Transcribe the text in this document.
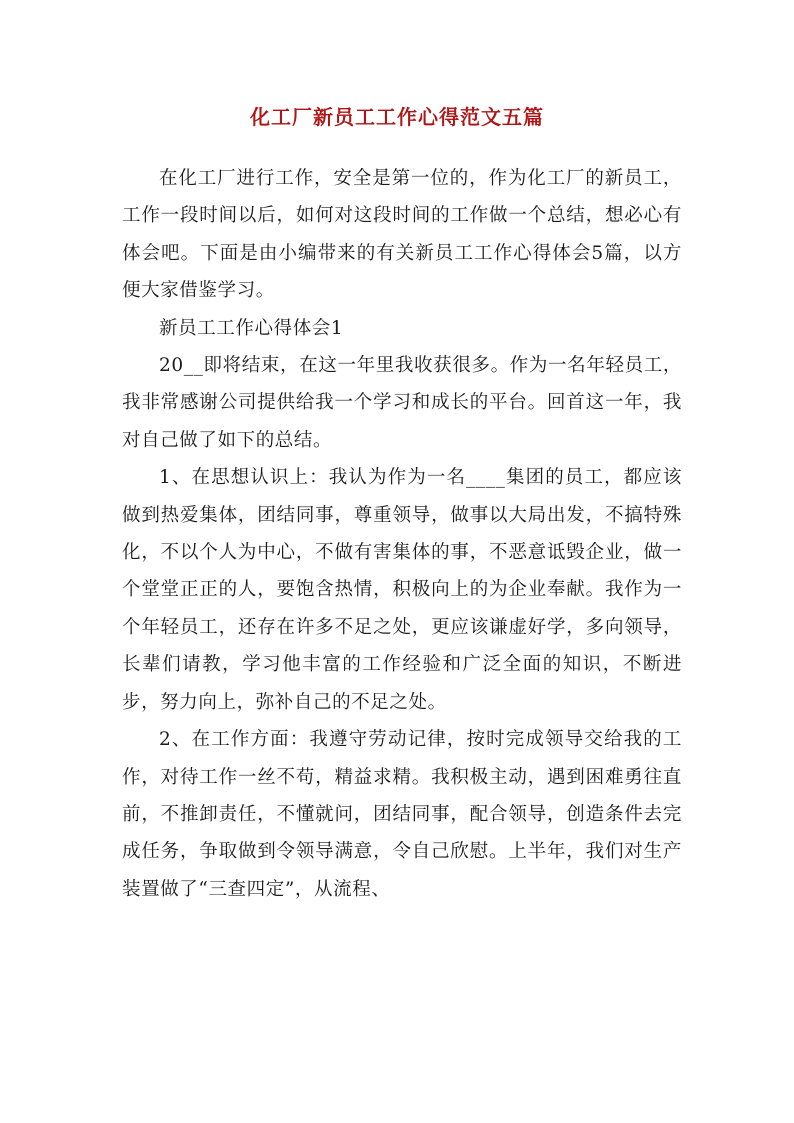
化工厂新员工工作心得范文五篇

在化工厂进行工作，安全是第一位的，作为化工厂的新员工，工作一段时间以后，如何对这段时间的工作做一个总结，想必心有体会吧。下面是由小编带来的有关新员工工作心得体会5篇，以方便大家借鉴学习。

新员工工作心得体会1

20__即将结束，在这一年里我收获很多。作为一名年轻员工，我非常感谢公司提供给我一个学习和成长的平台。回首这一年，我对自己做了如下的总结。

1、在思想认识上：我认为作为一名____集团的员工，都应该做到热爱集体，团结同事，尊重领导，做事以大局出发，不搞特殊化，不以个人为中心，不做有害集体的事，不恶意诋毁企业，做一个堂堂正正的人，要饱含热情，积极向上的为企业奉献。我作为一个年轻员工，还存在许多不足之处，更应该谦虚好学，多向领导，长辈们请教，学习他丰富的工作经验和广泛全面的知识，不断进步，努力向上，弥补自己的不足之处。

2、在工作方面：我遵守劳动记律，按时完成领导交给我的工作，对待工作一丝不苟，精益求精。我积极主动，遇到困难勇往直前，不推卸责任，不懂就问，团结同事，配合领导，创造条件去完成任务，争取做到令领导满意，令自己欣慰。上半年，我们对生产装置做了“三查四定”，从流程、
